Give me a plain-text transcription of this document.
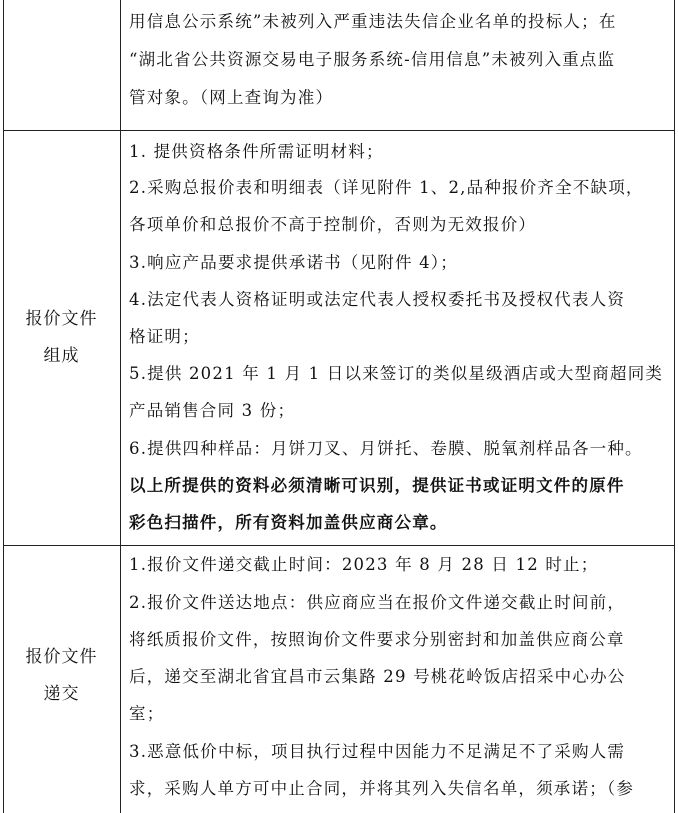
用信息公示系统”未被列入严重违法失信企业名单的投标人；在
“湖北省公共资源交易电子服务系统-信用信息”未被列入重点监
管对象。（网上查询为准）
报价文件
组成
1. 提供资格条件所需证明材料；
2.采购总报价表和明细表（详见附件 1、2,品种报价齐全不缺项，
各项单价和总报价不高于控制价，否则为无效报价）
3.响应产品要求提供承诺书（见附件 4）；
4.法定代表人资格证明或法定代表人授权委托书及授权代表人资
格证明；
5.提供 2021 年 1 月 1 日以来签订的类似星级酒店或大型商超同类
产品销售合同 3 份；
6.提供四种样品：月饼刀叉、月饼托、卷膜、脱氧剂样品各一种。
以上所提供的资料必须清晰可识别，提供证书或证明文件的原件
彩色扫描件，所有资料加盖供应商公章。
报价文件
递交
1.报价文件递交截止时间：2023 年 8 月 28 日 12 时止；
2.报价文件送达地点：供应商应当在报价文件递交截止时间前，
将纸质报价文件，按照询价文件要求分别密封和加盖供应商公章
后，递交至湖北省宜昌市云集路 29 号桃花岭饭店招采中心办公
室；
3.恶意低价中标，项目执行过程中因能力不足满足不了采购人需
求，采购人单方可中止合同，并将其列入失信名单，须承诺；（参
